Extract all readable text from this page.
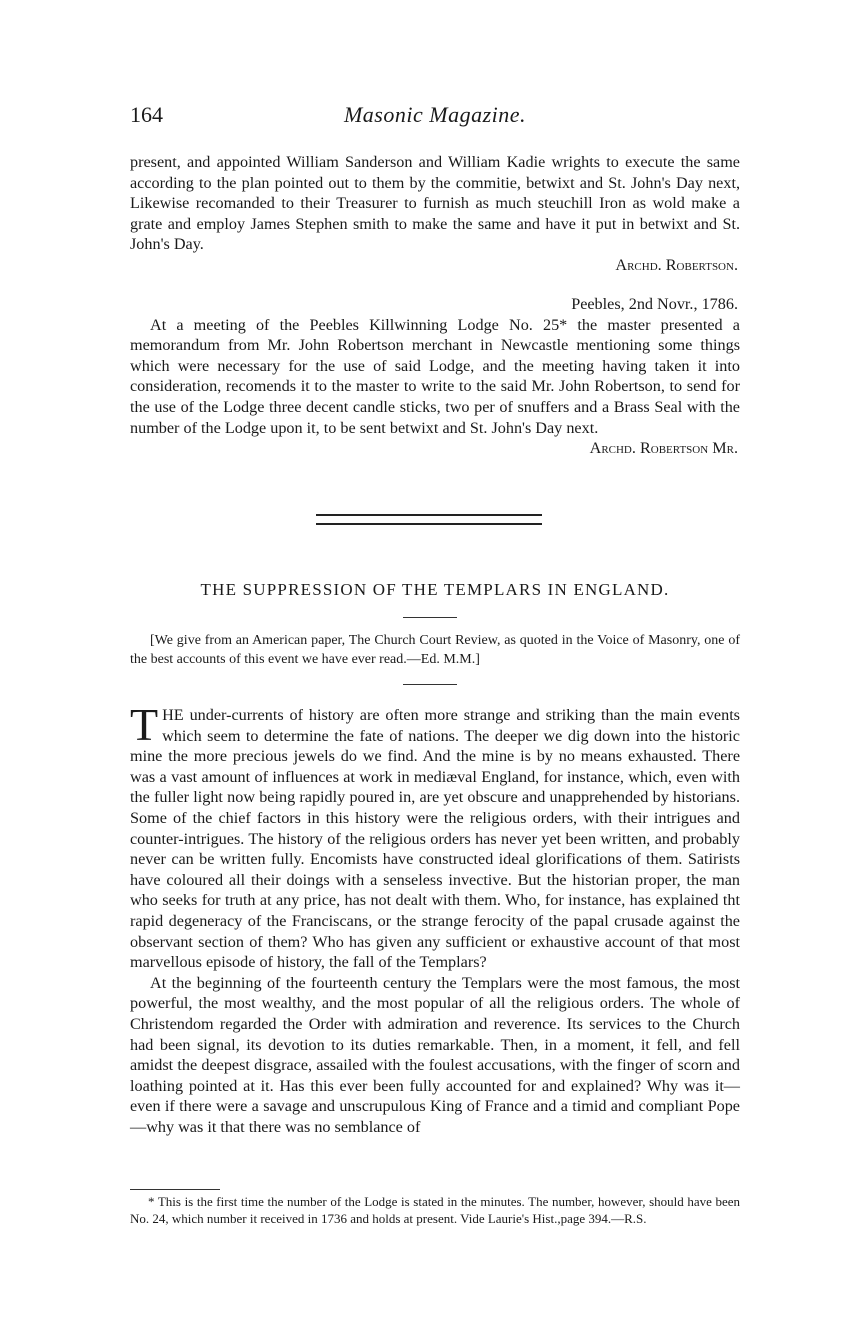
164	Masonic Magazine.

present, and appointed William Sanderson and William Kadie wrights to execute the same according to the plan pointed out to them by the commitie, betwixt and St. John's Day next, Likewise recomanded to their Treasurer to furnish as much steuchill Iron as wold make a grate and employ James Stephen smith to make the same and have it put in betwixt and St. John's Day.

Archd. Robertson.

Peebles, 2nd Novr., 1786.

At a meeting of the Peebles Killwinning Lodge No. 25* the master presented a memorandum from Mr. John Robertson merchant in Newcastle mentioning some things which were necessary for the use of said Lodge, and the meeting having taken it into consideration, recomends it to the master to write to the said Mr. John Robertson, to send for the use of the Lodge three decent candle sticks, two per of snuffers and a Brass Seal with the number of the Lodge upon it, to be sent betwixt and St. John's Day next.

Archd. Robertson Mr.

THE SUPPRESSION OF THE TEMPLARS IN ENGLAND.

[We give from an American paper, The Church Court Review, as quoted in the Voice of Masonry, one of the best accounts of this event we have ever read.—Ed. M.M.]

THE under-currents of history are often more strange and striking than the main events which seem to determine the fate of nations. The deeper we dig down into the historic mine the more precious jewels do we find. And the mine is by no means exhausted. There was a vast amount of influences at work in mediæval England, for instance, which, even with the fuller light now being rapidly poured in, are yet obscure and unapprehended by historians. Some of the chief factors in this history were the religious orders, with their intrigues and counter-intrigues. The history of the religious orders has never yet been written, and probably never can be written fully. Encomists have constructed ideal glorifications of them. Satirists have coloured all their doings with a senseless invective. But the historian proper, the man who seeks for truth at any price, has not dealt with them. Who, for instance, has explained tht rapid degeneracy of the Franciscans, or the strange ferocity of the papal crusade against the observant section of them? Who has given any sufficient or exhaustive account of that most marvellous episode of history, the fall of the Templars?

At the beginning of the fourteenth century the Templars were the most famous, the most powerful, the most wealthy, and the most popular of all the religious orders. The whole of Christendom regarded the Order with admiration and reverence. Its services to the Church had been signal, its devotion to its duties remarkable. Then, in a moment, it fell, and fell amidst the deepest disgrace, assailed with the foulest accusations, with the finger of scorn and loathing pointed at it. Has this ever been fully accounted for and explained? Why was it—even if there were a savage and unscrupulous King of France and a timid and compliant Pope—why was it that there was no semblance of

* This is the first time the number of the Lodge is stated in the minutes. The number, however, should have been No. 24, which number it received in 1736 and holds at present. Vide Laurie's Hist.,page 394.—R.S.
